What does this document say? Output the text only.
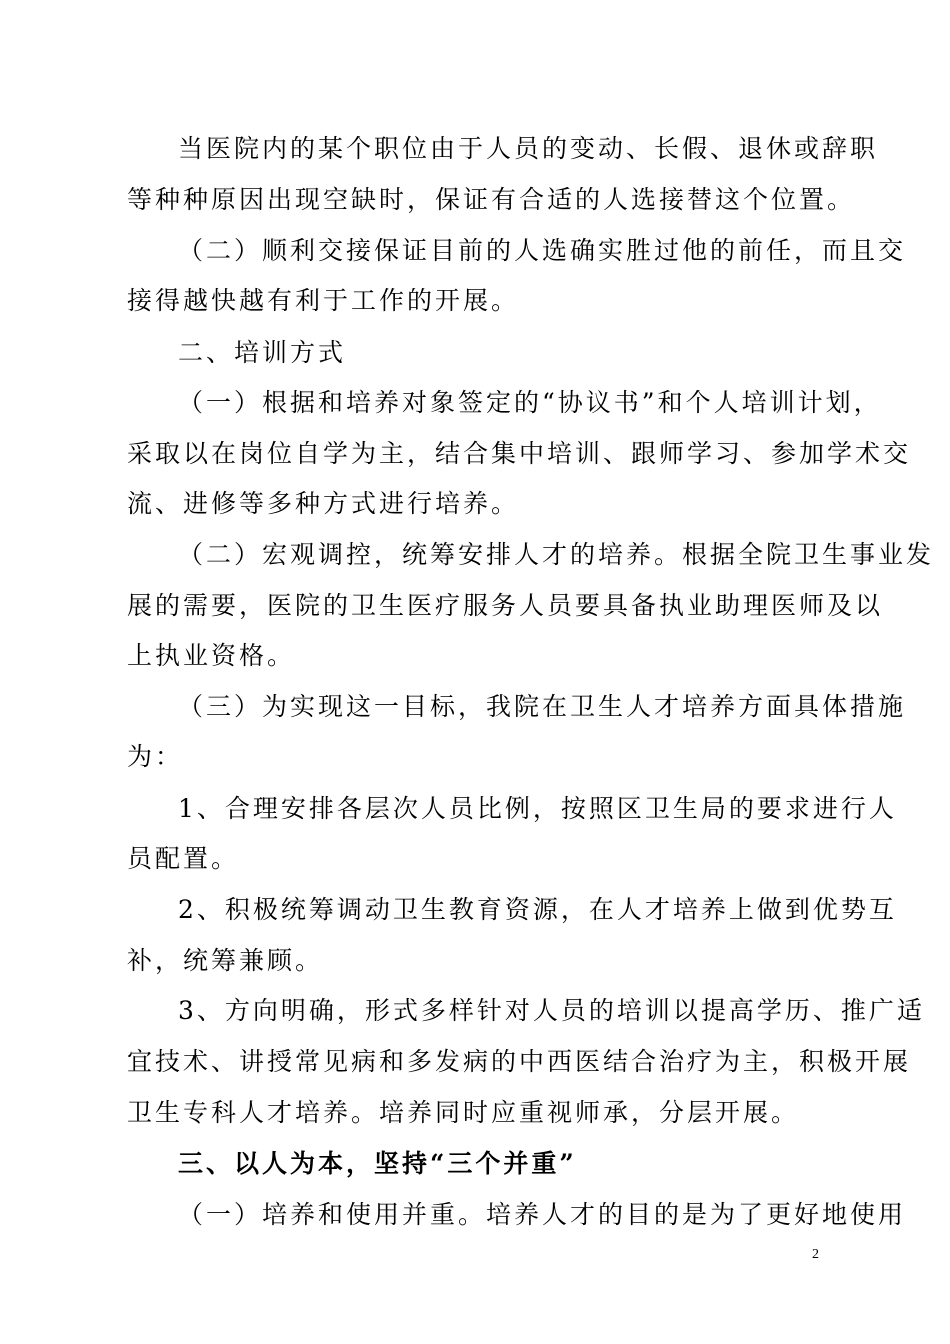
当医院内的某个职位由于人员的变动、长假、退休或辞职
等种种原因出现空缺时，保证有合适的人选接替这个位置。
（二）顺利交接保证目前的人选确实胜过他的前任，而且交
接得越快越有利于工作的开展。
二、培训方式
（一）根据和培养对象签定的“协议书”和个人培训计划，
采取以在岗位自学为主，结合集中培训、跟师学习、参加学术交
流、进修等多种方式进行培养。
（二）宏观调控，统筹安排人才的培养。根据全院卫生事业发
展的需要，医院的卫生医疗服务人员要具备执业助理医师及以
上执业资格。
（三）为实现这一目标，我院在卫生人才培养方面具体措施
为：
1、合理安排各层次人员比例，按照区卫生局的要求进行人
员配置。
2、积极统筹调动卫生教育资源，在人才培养上做到优势互
补，统筹兼顾。
3、方向明确，形式多样针对人员的培训以提高学历、推广适
宜技术、讲授常见病和多发病的中西医结合治疗为主，积极开展
卫生专科人才培养。培养同时应重视师承，分层开展。
三、以人为本，坚持“三个并重”
（一）培养和使用并重。培养人才的目的是为了更好地使用
2
